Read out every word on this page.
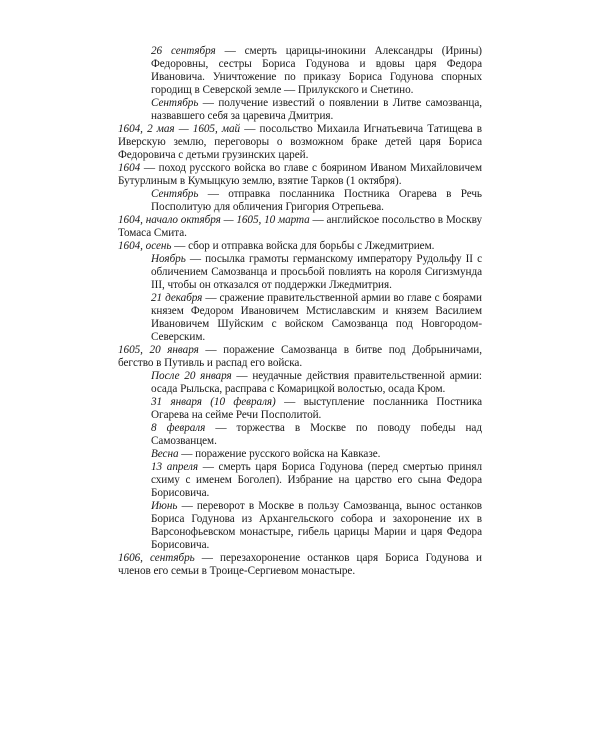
26 сентября — смерть царицы-инокини Александры (Ирины) Федоровны, сестры Бориса Годунова и вдовы царя Федора Ивановича. Уничтожение по приказу Бориса Годунова спорных городищ в Северской земле — Прилукского и Снетино.

Сентябрь — получение известий о появлении в Литве самозванца, назвавшего себя за царевича Дмитрия.

1604, 2 мая — 1605, май — посольство Михаила Игнатьевича Татищева в Иверскую землю, переговоры о возможном браке детей царя Бориса Федоровича с детьми грузинских царей.

1604 — поход русского войска во главе с боярином Иваном Михайловичем Бутурлиным в Кумыцкую землю, взятие Тарков (1 октября).

Сентябрь — отправка посланника Постника Огарева в Речь Посполитую для обличения Григория Отрепьева.

1604, начало октября — 1605, 10 марта — английское посольство в Москву Томаса Смита.

1604, осень — сбор и отправка войска для борьбы с Лжедмитрием.

Ноябрь — посылка грамоты германскому императору Рудольфу II с обличением Самозванца и просьбой повлиять на короля Сигизмунда III, чтобы он отказался от поддержки Лжедмитрия.

21 декабря — сражение правительственной армии во главе с боярами князем Федором Ивановичем Мстиславским и князем Василием Ивановичем Шуйским с войском Самозванца под Новгородом-Северским.

1605, 20 января — поражение Самозванца в битве под Добрыничами, бегство в Путивль и распад его войска.

После 20 января — неудачные действия правительственной армии: осада Рыльска, расправа с Комарицкой волостью, осада Кром.

31 января (10 февраля) — выступление посланника Постника Огарева на сейме Речи Посполитой.

8 февраля — торжества в Москве по поводу победы над Самозванцем.

Весна — поражение русского войска на Кавказе.

13 апреля — смерть царя Бориса Годунова (перед смертью принял схиму с именем Боголеп). Избрание на царство его сына Федора Борисовича.

Июнь — переворот в Москве в пользу Самозванца, вынос останков Бориса Годунова из Архангельского собора и захоронение их в Варсонофьевском монастыре, гибель царицы Марии и царя Федора Борисовича.

1606, сентябрь — перезахоронение останков царя Бориса Годунова и членов его семьи в Троице-Сергиевом монастыре.
